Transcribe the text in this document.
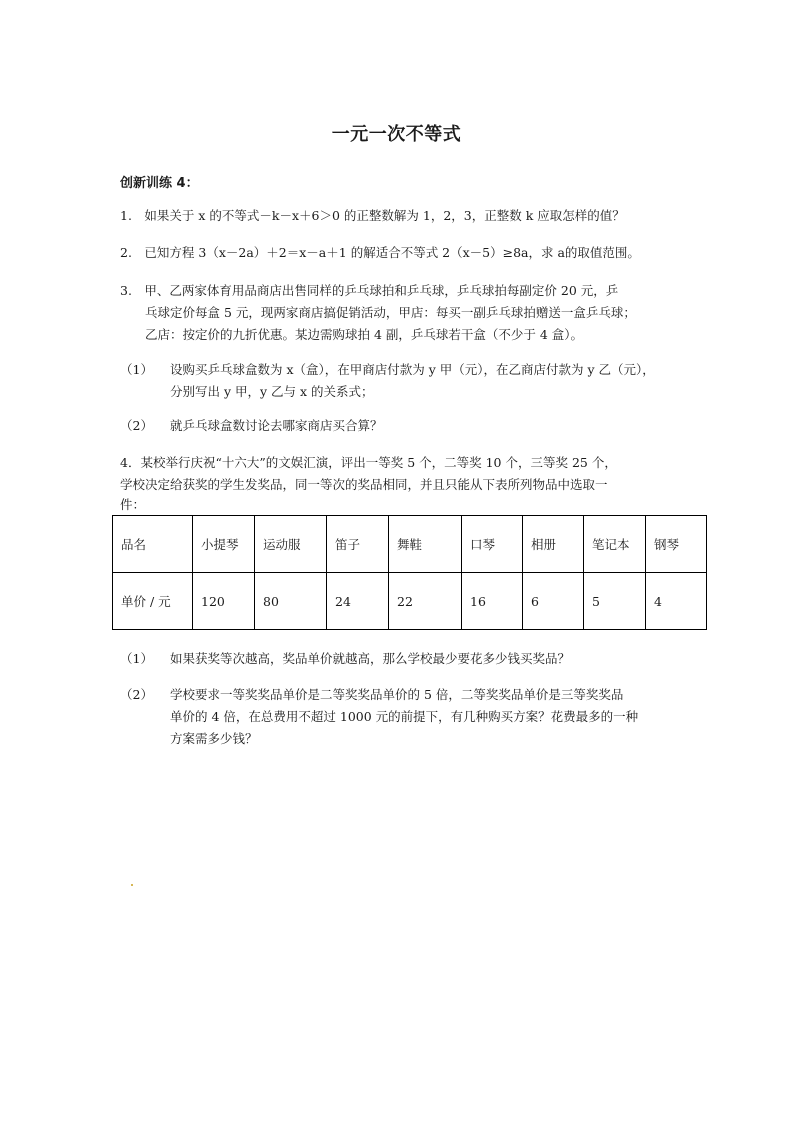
一元一次不等式
创新训练 4：
1.　如果关于 x 的不等式－k－x＋6＞0 的正整数解为 1，2，3，正整数 k 应取怎样的值？
2.　已知方程 3（x－2a）＋2＝x－a＋1 的解适合不等式 2（x－5）≥8a，求 a的取值范围。
3.　甲、乙两家体育用品商店出售同样的乒乓球拍和乒乓球，乒乓球拍每副定价 20 元，乒
乓球定价每盒 5 元，现两家商店搞促销活动，甲店：每买一副乒乓球拍赠送一盒乒乓球；
乙店：按定价的九折优惠。某边需购球拍 4 副，乒乓球若干盒（不少于 4 盒）。
（1） 设购买乒乓球盒数为 x（盒），在甲商店付款为 y 甲（元），在乙商店付款为 y 乙（元），
分别写出 y 甲，y 乙与 x 的关系式；
（2） 就乒乓球盒数讨论去哪家商店买合算？
4．某校举行庆祝“十六大”的文娱汇演，评出一等奖 5 个，二等奖 10 个，三等奖 25 个，
学校决定给获奖的学生发奖品，同一等次的奖品相同，并且只能从下表所列物品中选取一
件：
品名	小提琴	运动服	笛子	舞鞋	口琴	相册	笔记本	钢琴
单价 / 元	120	80	24	22	16	6	5	4
（1） 如果获奖等次越高，奖品单价就越高，那么学校最少要花多少钱买奖品？
（2） 学校要求一等奖奖品单价是二等奖奖品单价的 5 倍，二等奖奖品单价是三等奖奖品
单价的 4 倍，在总费用不超过 1000 元的前提下，有几种购买方案？花费最多的一种
方案需多少钱？
